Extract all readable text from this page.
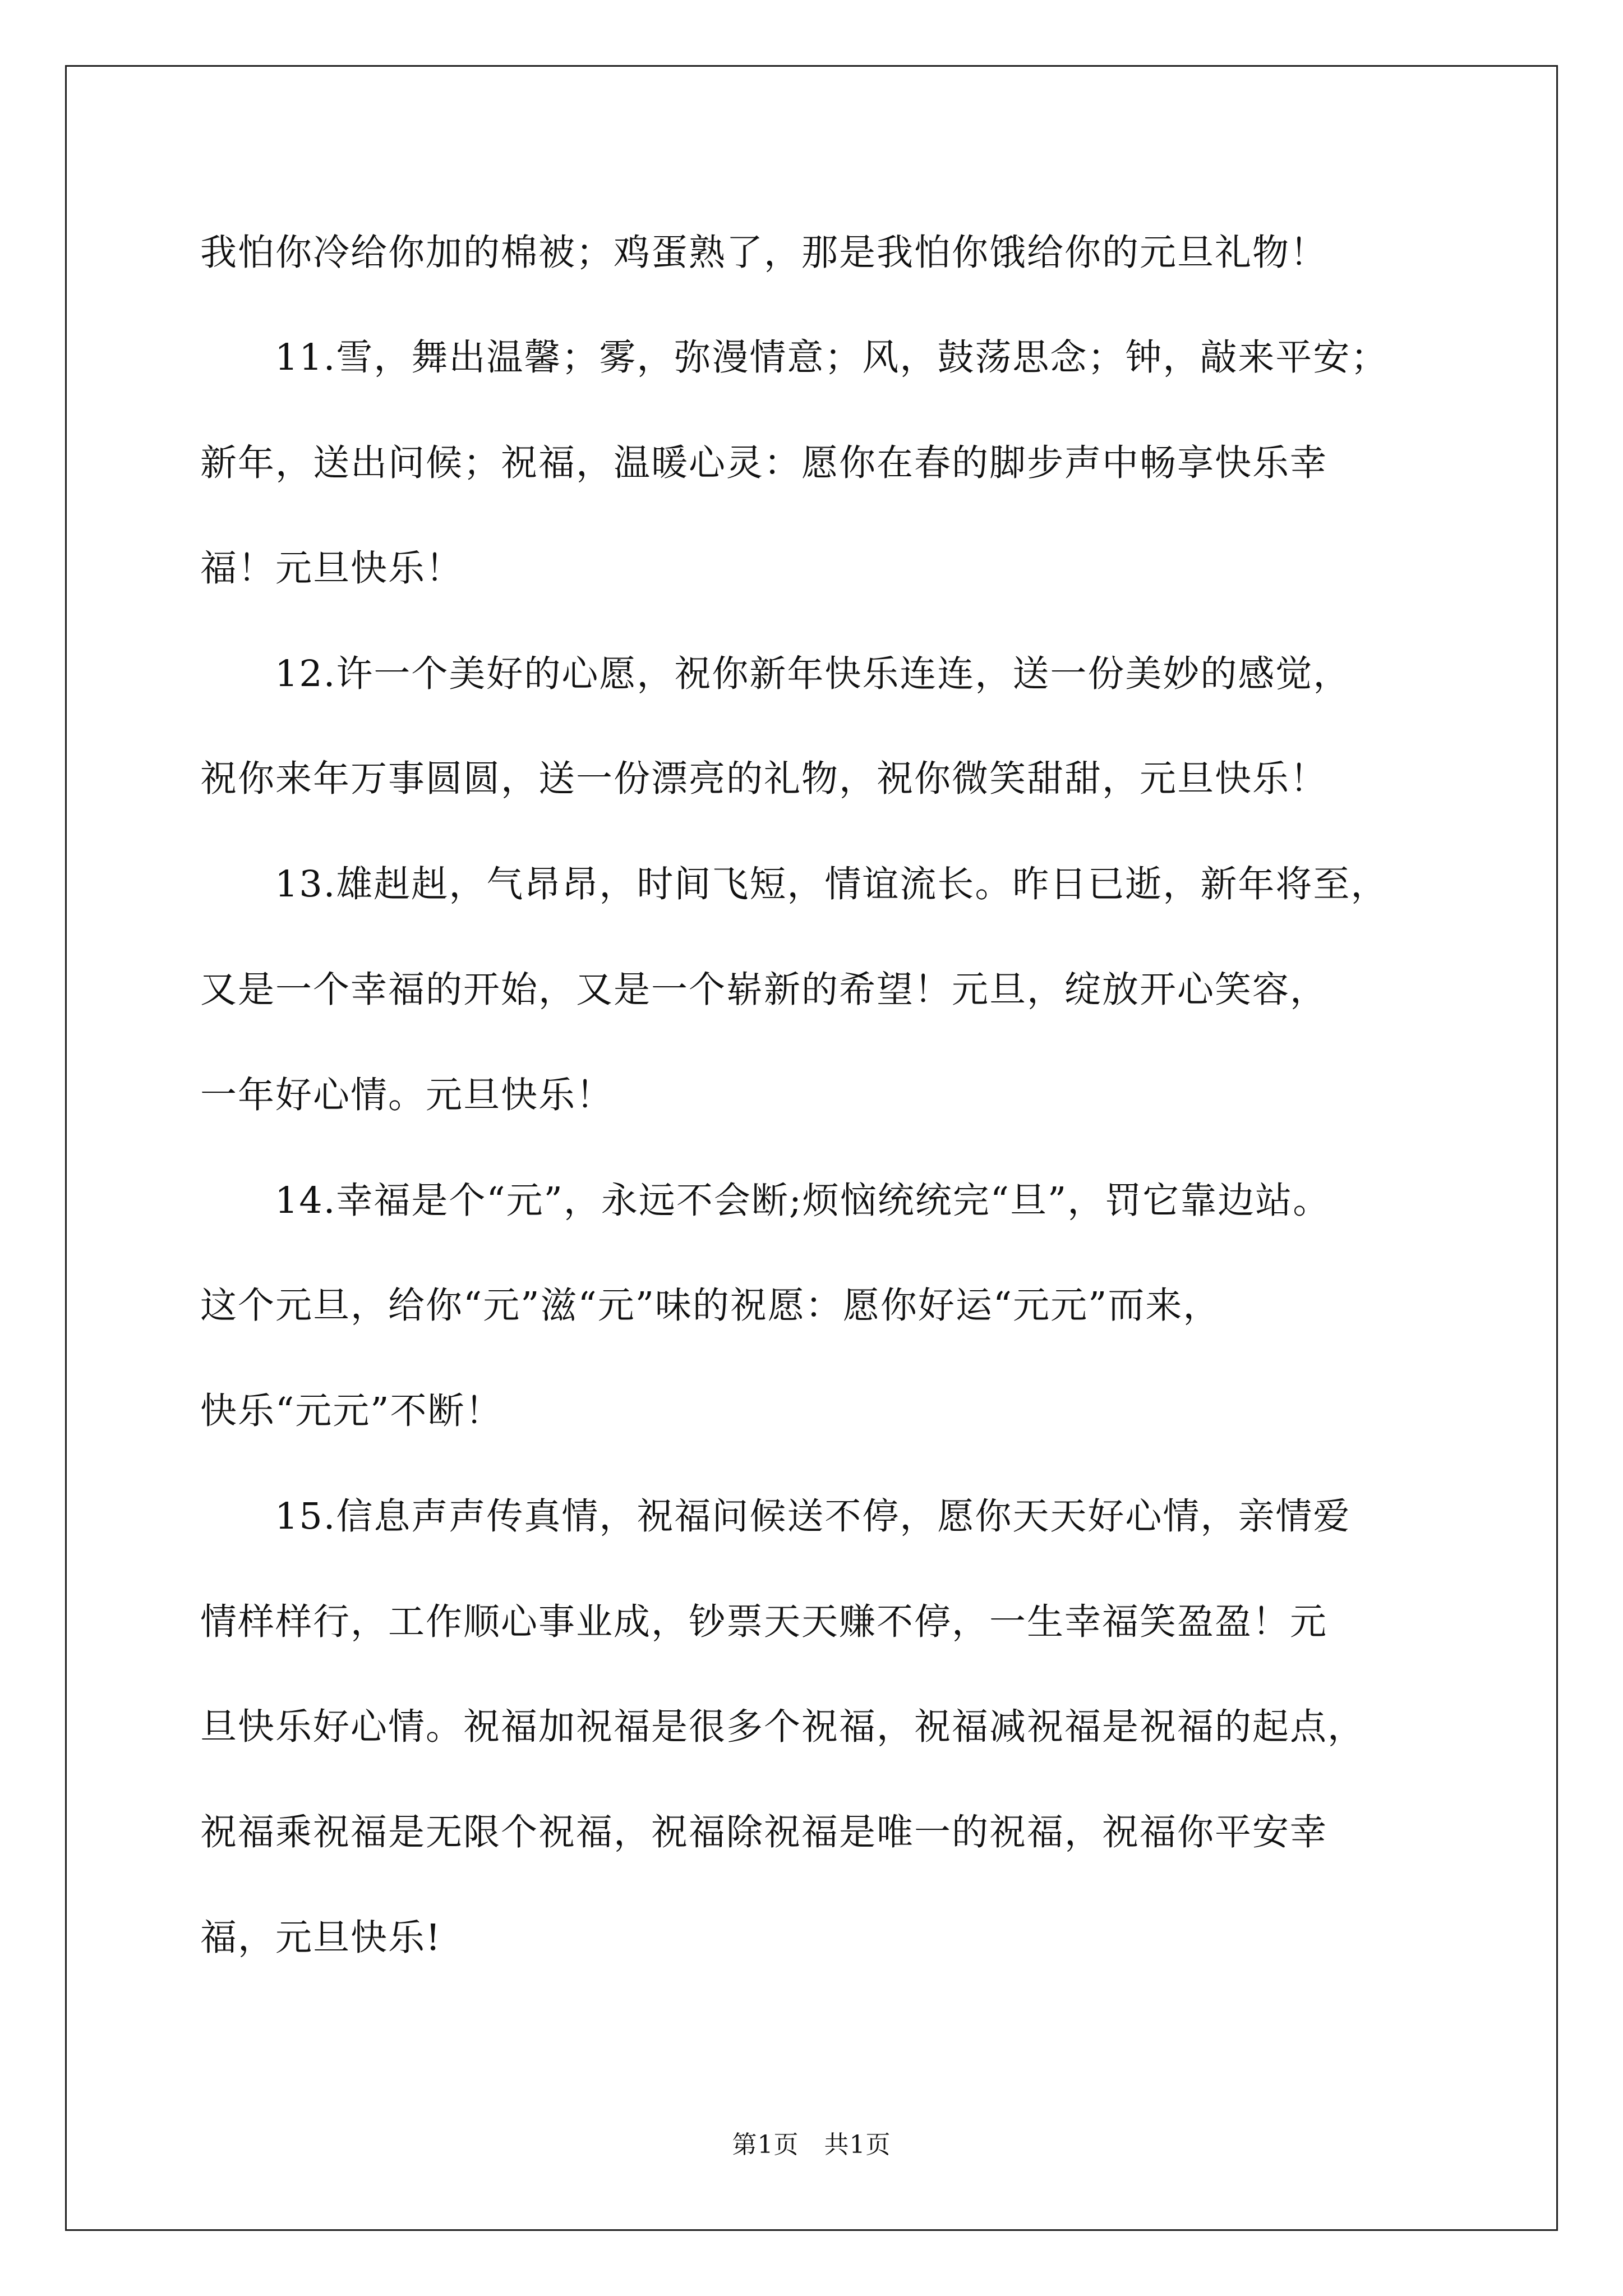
我怕你冷给你加的棉被；鸡蛋熟了，那是我怕你饿给你的元旦礼物！
11.雪，舞出温馨；雾，弥漫情意；风，鼓荡思念；钟，敲来平安；
新年，送出问候；祝福，温暖心灵：愿你在春的脚步声中畅享快乐幸
福！元旦快乐！
12.许一个美好的心愿，祝你新年快乐连连，送一份美妙的感觉，
祝你来年万事圆圆，送一份漂亮的礼物，祝你微笑甜甜，元旦快乐！
13.雄赳赳，气昂昂，时间飞短，情谊流长。昨日已逝，新年将至，
又是一个幸福的开始，又是一个崭新的希望！元旦，绽放开心笑容，
一年好心情。元旦快乐！
14.幸福是个“元”，永远不会断;烦恼统统完“旦”，罚它靠边站。
这个元旦，给你“元”滋“元”味的祝愿：愿你好运“元元”而来，
快乐“元元”不断！
15.信息声声传真情，祝福问候送不停，愿你天天好心情，亲情爱
情样样行，工作顺心事业成，钞票天天赚不停，一生幸福笑盈盈！元
旦快乐好心情。祝福加祝福是很多个祝福，祝福减祝福是祝福的起点，
祝福乘祝福是无限个祝福，祝福除祝福是唯一的祝福，祝福你平安幸
福，元旦快乐!
第1页　共1页
